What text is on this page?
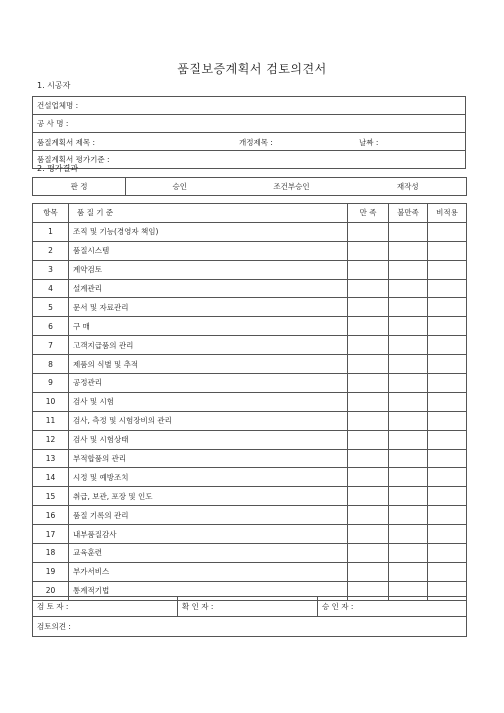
품질보증계획서 검토의견서
1. 시공자
건설업체명 :
공 사 명 :

품질계획서 제목 :	개정제목 :	날짜 :

품질계획서 평가기준 :
2. 평가결과
판 정	승인	조건부승인	재작성
항목	품 질 기 준	만 족	불만족	비적용
1	조직 및 기능(경영자 책임)			
2	품질시스템			
3	계약검토			
4	설계관리			
5	문서 및 자료관리			
6	구 매			
7	고객지급품의 관리			
8	제품의 식별 및 추적			
9	공정관리			
10	검사 및 시험			
11	검사, 측정 및 시험장비의 관리			
12	검사 및 시험상태			
13	부적합품의 관리			
14	시정 및 예방조치			
15	취급, 보관, 포장 및 인도			
16	품질 기록의 관리			
17	내부품질감사			
18	교육훈련			
19	부가서비스			
20	통계적기법			
검 토 자 :	확 인 자 :	승 인 자 :
검토의견 :
